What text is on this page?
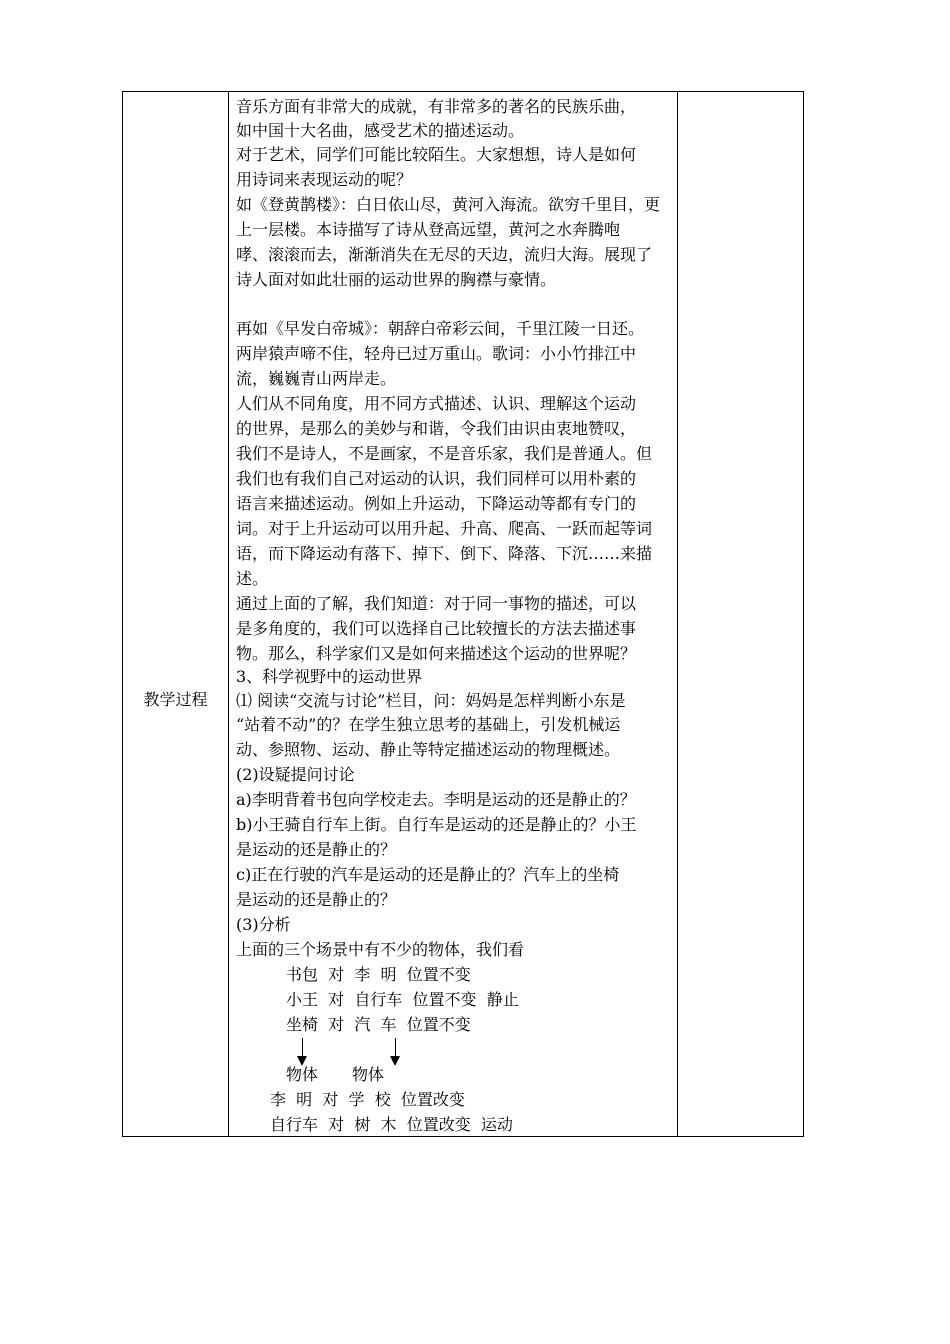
教学过程
音乐方面有非常大的成就，有非常多的著名的民族乐曲，
如中国十大名曲，感受艺术的描述运动。
对于艺术，同学们可能比较陌生。大家想想，诗人是如何
用诗词来表现运动的呢？
如《登黄鹊楼》：白日依山尽，黄河入海流。欲穷千里目，更
上一层楼。本诗描写了诗从登高远望，黄河之水奔腾咆
哮、滚滚而去，渐渐消失在无尽的天边，流归大海。展现了
诗人面对如此壮丽的运动世界的胸襟与豪情。
再如《早发白帝城》：朝辞白帝彩云间，千里江陵一日还。
两岸猿声啼不住，轻舟已过万重山。歌词：小小竹排江中
流，巍巍青山两岸走。
人们从不同角度，用不同方式描述、认识、理解这个运动
的世界，是那么的美妙与和谐，令我们由识由衷地赞叹，
我们不是诗人，不是画家，不是音乐家，我们是普通人。但
我们也有我们自己对运动的认识，我们同样可以用朴素的
语言来描述运动。例如上升运动，下降运动等都有专门的
词。对于上升运动可以用升起、升高、爬高、一跃而起等词
语，而下降运动有落下、掉下、倒下、降落、下沉……来描
述。
通过上面的了解，我们知道：对于同一事物的描述，可以
是多角度的，我们可以选择自己比较擅长的方法去描述事
物。那么，科学家们又是如何来描述这个运动的世界呢？
3、科学视野中的运动世界
⑴ 阅读“交流与讨论”栏目，问：妈妈是怎样判断小东是
“站着不动”的？在学生独立思考的基础上，引发机械运
动、参照物、运动、静止等特定描述运动的物理概述。
(2)设疑提问讨论
a)李明背着书包向学校走去。李明是运动的还是静止的？
b)小王骑自行车上街。自行车是运动的还是静止的？小王
是运动的还是静止的？
c)正在行驶的汽车是运动的还是静止的？汽车上的坐椅
是运动的还是静止的？
(3)分析
上面的三个场景中有不少的物体，我们看
书包  对  李  明  位置不变
小王  对  自行车  位置不变  静止
坐椅  对  汽  车  位置不变
物体 物体
李  明  对  学  校  位置改变
自行车  对  树  木  位置改变  运动
